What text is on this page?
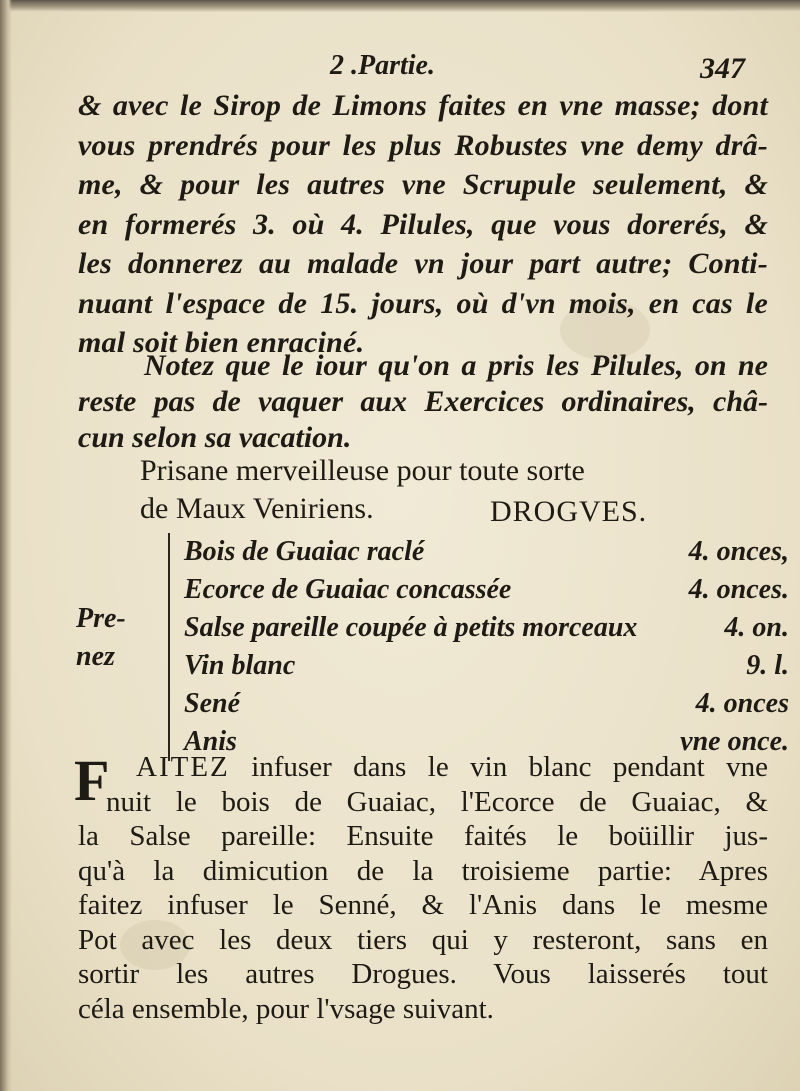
2 .Partie.	347
& avec le Sirop de Limons faites en vne masse; dont
vous prendrés pour les plus Robustes vne demy drâ-
me, & pour les autres vne Scrupule seulement, &
en formerés 3. où 4. Pilules, que vous dorerés, &
les donnerez au malade vn jour part autre; Conti-
nuant l'espace de 15. jours, où d'vn mois, en cas le
mal soit bien enraciné.
Notez que le iour qu'on a pris les Pilules, on ne
reste pas de vaquer aux Exercices ordinaires, châ-
cun selon sa vacation.
Prisane merveilleuse pour toute sorte
de Maux Veniriens.	DROGVES.
Pre-
nez
Bois de Guaiac raclé	4. onces,
Ecorce de Guaiac concassée	4. onces.
Salse pareille coupée à petits morceaux	4. on.
Vin blanc	9. l.
Sené	4. onces
Anis	vne once.
F AITEZ infuser dans le vin blanc pendant vne
nuit le bois de Guaiac, l'Ecorce de Guaiac, &
la Salse pareille: Ensuite faités le boüillir jus-
qu'à la dimicution de la troisieme partie: Apres
faitez infuser le Senné, & l'Anis dans le mesme
Pot avec les deux tiers qui y resteront, sans en
sortir les autres Drogues. Vous laisserés tout
céla ensemble, pour l'vsage suivant.
